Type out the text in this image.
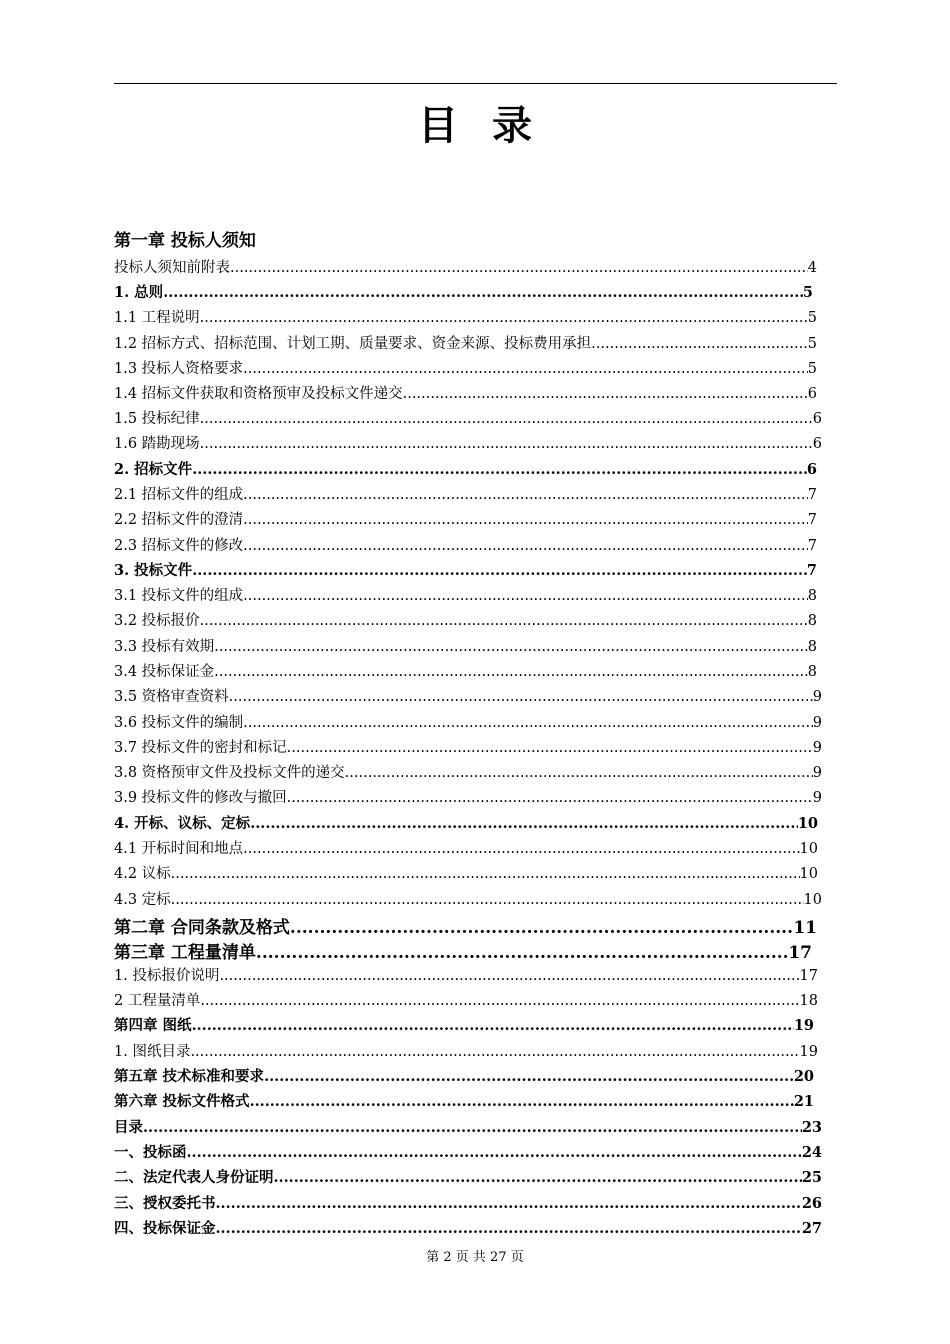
目录
第一章 投标人须知
投标人须知前附表 .....	4
1. 总则 .....	5
1.1 工程说明 .....	5
1.2 招标方式、招标范围、计划工期、质量要求、资金来源、投标费用承担 .....	5
1.3 投标人资格要求 .....	5
1.4 招标文件获取和资格预审及投标文件递交 .....	6
1.5 投标纪律 .....	6
1.6 踏勘现场 .....	6
2. 招标文件 .....	6
2.1 招标文件的组成 .....	7
2.2 招标文件的澄清 .....	7
2.3 招标文件的修改 .....	7
3. 投标文件 .....	7
3.1 投标文件的组成 .....	8
3.2 投标报价 .....	8
3.3 投标有效期 .....	8
3.4 投标保证金 .....	8
3.5 资格审查资料 .....	9
3.6 投标文件的编制 .....	9
3.7 投标文件的密封和标记 .....	9
3.8 资格预审文件及投标文件的递交 .....	9
3.9 投标文件的修改与撤回 .....	9
4. 开标、议标、定标 .....	10
4.1 开标时间和地点 .....	10
4.2 议标 .....	10
4.3 定标 .....	10
第二章 合同条款及格式 .....	11
第三章 工程量清单 .....	17
1. 投标报价说明 .....	17
2 工程量清单 .....	18
第四章 图纸 .....	19
1. 图纸目录 .....	19
第五章 技术标准和要求 .....	20
第六章 投标文件格式 .....	21
目录 .....	23
一、投标函 .....	24
二、法定代表人身份证明 .....	25
三、授权委托书 .....	26
四、投标保证金 .....	27
第 2 页 共 27 页
